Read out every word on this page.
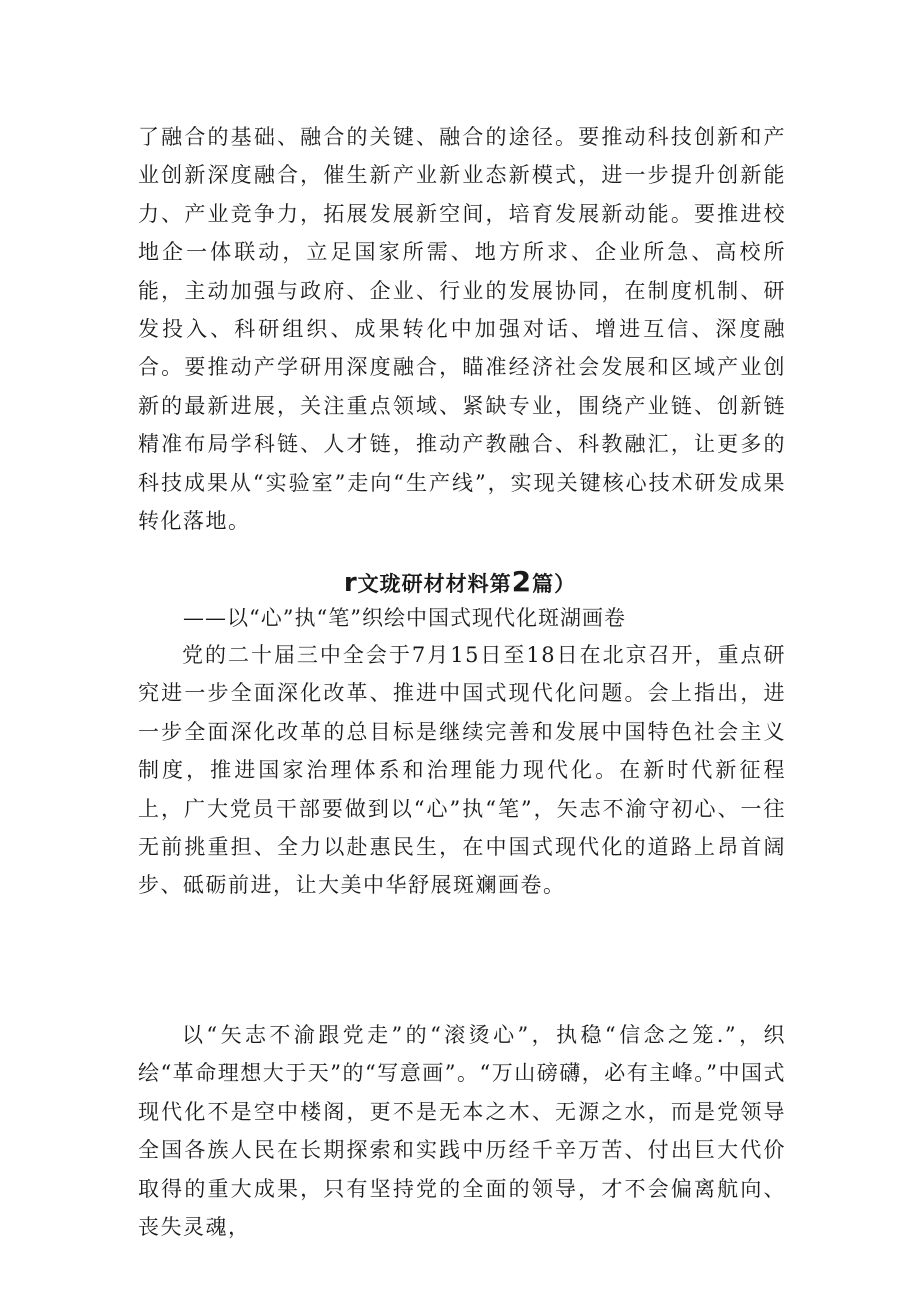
了融合的基础、融合的关键、融合的途径。要推动科技创新和产业创新深度融合，催生新产业新业态新模式，进一步提升创新能力、产业竞争力，拓展发展新空间，培育发展新动能。要推进校地企一体联动，立足国家所需、地方所求、企业所急、高校所能，主动加强与政府、企业、行业的发展协同，在制度机制、研发投入、科研组织、成果转化中加强对话、增进互信、深度融合。要推动产学研用深度融合，瞄准经济社会发展和区域产业创新的最新进展，关注重点领域、紧缺专业，围绕产业链、创新链精准布局学科链、人才链，推动产教融合、科教融汇，让更多的科技成果从“实验室”走向“生产线”，实现关键核心技术研发成果转化落地。

r文珑研材材料第2篇）

——以“心”执“笔”织绘中国式现代化斑湖画卷

党的二十届三中全会于7月15日至18日在北京召开，重点研究进一步全面深化改革、推进中国式现代化问题。会上指出，进一步全面深化改革的总目标是继续完善和发展中国特色社会主义制度，推进国家治理体系和治理能力现代化。在新时代新征程上，广大党员干部要做到以“心”执“笔”，矢志不渝守初心、一往无前挑重担、全力以赴惠民生，在中国式现代化的道路上昂首阔步、砥砺前进，让大美中华舒展斑斓画卷。

以“矢志不渝跟党走”的“滚烫心”，执稳“信念之笼.”，织绘“革命理想大于天”的“写意画”。“万山磅礴，必有主峰。”中国式现代化不是空中楼阁，更不是无本之木、无源之水，而是党领导全国各族人民在长期探索和实践中历经千辛万苦、付出巨大代价取得的重大成果，只有坚持党的全面的领导，才不会偏离航向、丧失灵魂，
